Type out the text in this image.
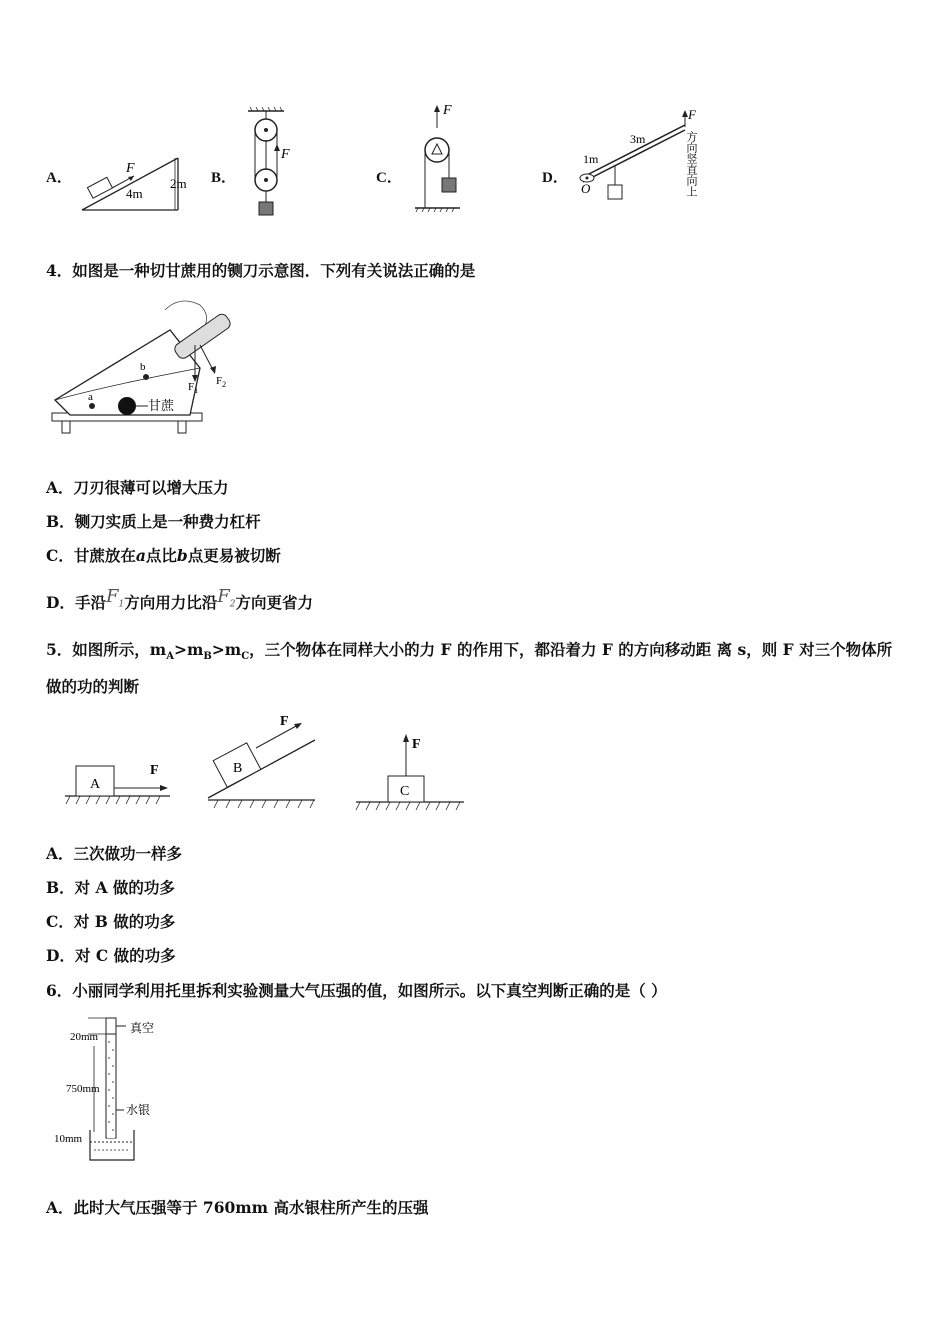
A．
F
4m
2m B．
F
C．
F
D．
O
1m
3m
F
方向竖直向上
4．如图是一种切甘蔗用的铡刀示意图．下列有关说法正确的是
a
b
甘蔗
$F_1$
$F_2$
A．刀刃很薄可以增大压力
B．铡刀实质上是一种费力杠杆
C．甘蔗放在a点比b点更易被切断
D．手沿$F_1$方向用力比沿$F_2$方向更省力
5．如图所示，$m_A>m_B>m_C$，三个物体在同样大小的力 F 的作用下，都沿着力 F 的方向移动距 离 s，则 F 对三个物体所
做的功的判断
A
F	B
F
C
F
A．三次做功一样多
B．对 A 做的功多
C．对 B 做的功多
D．对 C 做的功多
6．小丽同学利用托里拆利实验测量大气压强的值，如图所示。以下真空判断正确的是（ ）
真空
水银
20mm
750mm
10mm
A．此时大气压强等于 760mm 高水银柱所产生的压强
